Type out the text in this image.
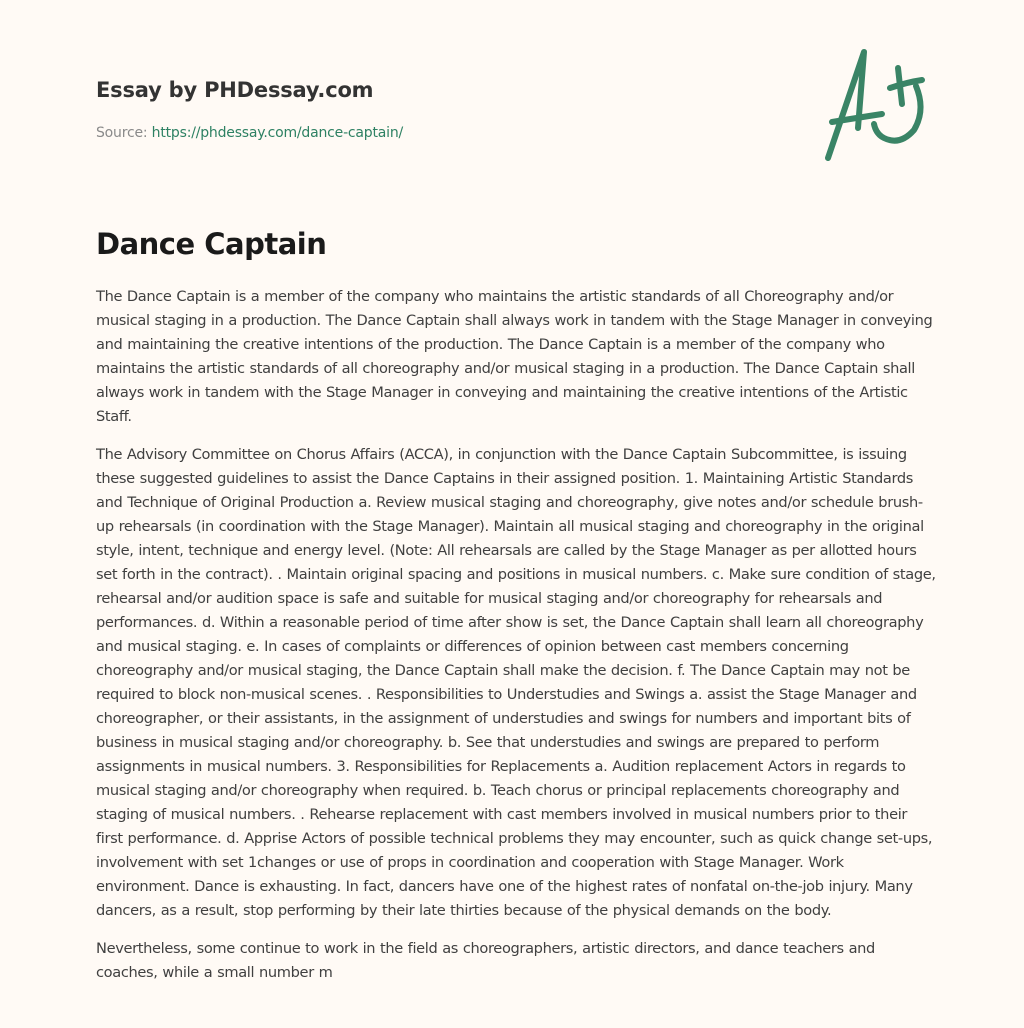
Essay by PHDessay.com
Source: https://phdessay.com/dance-captain/
Dance Captain

The Dance Captain is a member of the company who maintains the artistic standards of all Choreography and/or musical staging in a production. The Dance Captain shall always work in tandem with the Stage Manager in conveying and maintaining the creative intentions of the production. The Dance Captain is a member of the company who maintains the artistic standards of all choreography and/or musical staging in a production. The Dance Captain shall always work in tandem with the Stage Manager in conveying and maintaining the creative intentions of the Artistic Staff.

The Advisory Committee on Chorus Affairs (ACCA), in conjunction with the Dance Captain Subcommittee, is issuing these suggested guidelines to assist the Dance Captains in their assigned position. 1. Maintaining Artistic Standards and Technique of Original Production a. Review musical staging and choreography, give notes and/or schedule brush-up rehearsals (in coordination with the Stage Manager). Maintain all musical staging and choreography in the original style, intent, technique and energy level. (Note: All rehearsals are called by the Stage Manager as per allotted hours set forth in the contract). . Maintain original spacing and positions in musical numbers. c. Make sure condition of stage, rehearsal and/or audition space is safe and suitable for musical staging and/or choreography for rehearsals and performances. d. Within a reasonable period of time after show is set, the Dance Captain shall learn all choreography and musical staging. e. In cases of complaints or differences of opinion between cast members concerning choreography and/or musical staging, the Dance Captain shall make the decision. f. The Dance Captain may not be required to block non-musical scenes. . Responsibilities to Understudies and Swings a. assist the Stage Manager and choreographer, or their assistants, in the assignment of understudies and swings for numbers and important bits of business in musical staging and/or choreography. b. See that understudies and swings are prepared to perform assignments in musical numbers. 3. Responsibilities for Replacements a. Audition replacement Actors in regards to musical staging and/or choreography when required. b. Teach chorus or principal replacements choreography and staging of musical numbers. . Rehearse replacement with cast members involved in musical numbers prior to their first performance. d. Apprise Actors of possible technical problems they may encounter, such as quick change set-ups, involvement with set 1changes or use of props in coordination and cooperation with Stage Manager. Work environment. Dance is exhausting. In fact, dancers have one of the highest rates of nonfatal on-the-job injury. Many dancers, as a result, stop performing by their late thirties because of the physical demands on the body.

Nevertheless, some continue to work in the field as choreographers, artistic directors, and dance teachers and coaches, while a small number m
